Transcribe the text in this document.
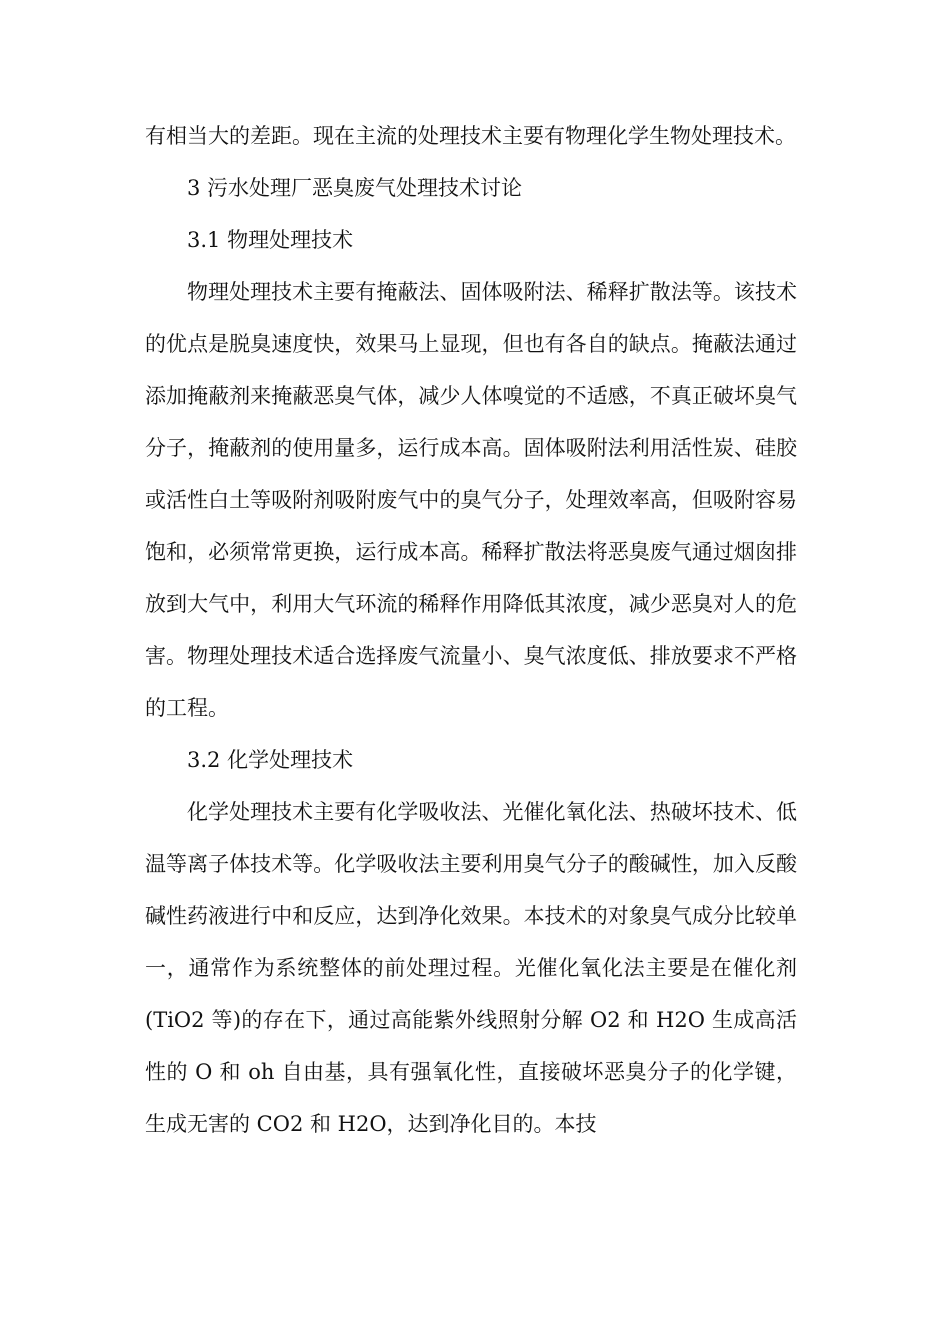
有相当大的差距。现在主流的处理技术主要有物理化学生物处理技术。

3 污水处理厂恶臭废气处理技术讨论

3.1 物理处理技术

物理处理技术主要有掩蔽法、固体吸附法、稀释扩散法等。该技术的优点是脱臭速度快，效果马上显现，但也有各自的缺点。掩蔽法通过添加掩蔽剂来掩蔽恶臭气体，减少人体嗅觉的不适感，不真正破坏臭气分子，掩蔽剂的使用量多，运行成本高。固体吸附法利用活性炭、硅胶或活性白土等吸附剂吸附废气中的臭气分子，处理效率高，但吸附容易饱和，必须常常更换，运行成本高。稀释扩散法将恶臭废气通过烟囱排放到大气中，利用大气环流的稀释作用降低其浓度，减少恶臭对人的危害。物理处理技术适合选择废气流量小、臭气浓度低、排放要求不严格的工程。

3.2 化学处理技术

化学处理技术主要有化学吸收法、光催化氧化法、热破坏技术、低温等离子体技术等。化学吸收法主要利用臭气分子的酸碱性，加入反酸碱性药液进行中和反应，达到净化效果。本技术的对象臭气成分比较单一，通常作为系统整体的前处理过程。光催化氧化法主要是在催化剂(TiO2 等)的存在下，通过高能紫外线照射分解 O2 和 H2O 生成高活性的 O 和 oh 自由基，具有强氧化性，直接破坏恶臭分子的化学键，生成无害的 CO2 和 H2O，达到净化目的。本技
